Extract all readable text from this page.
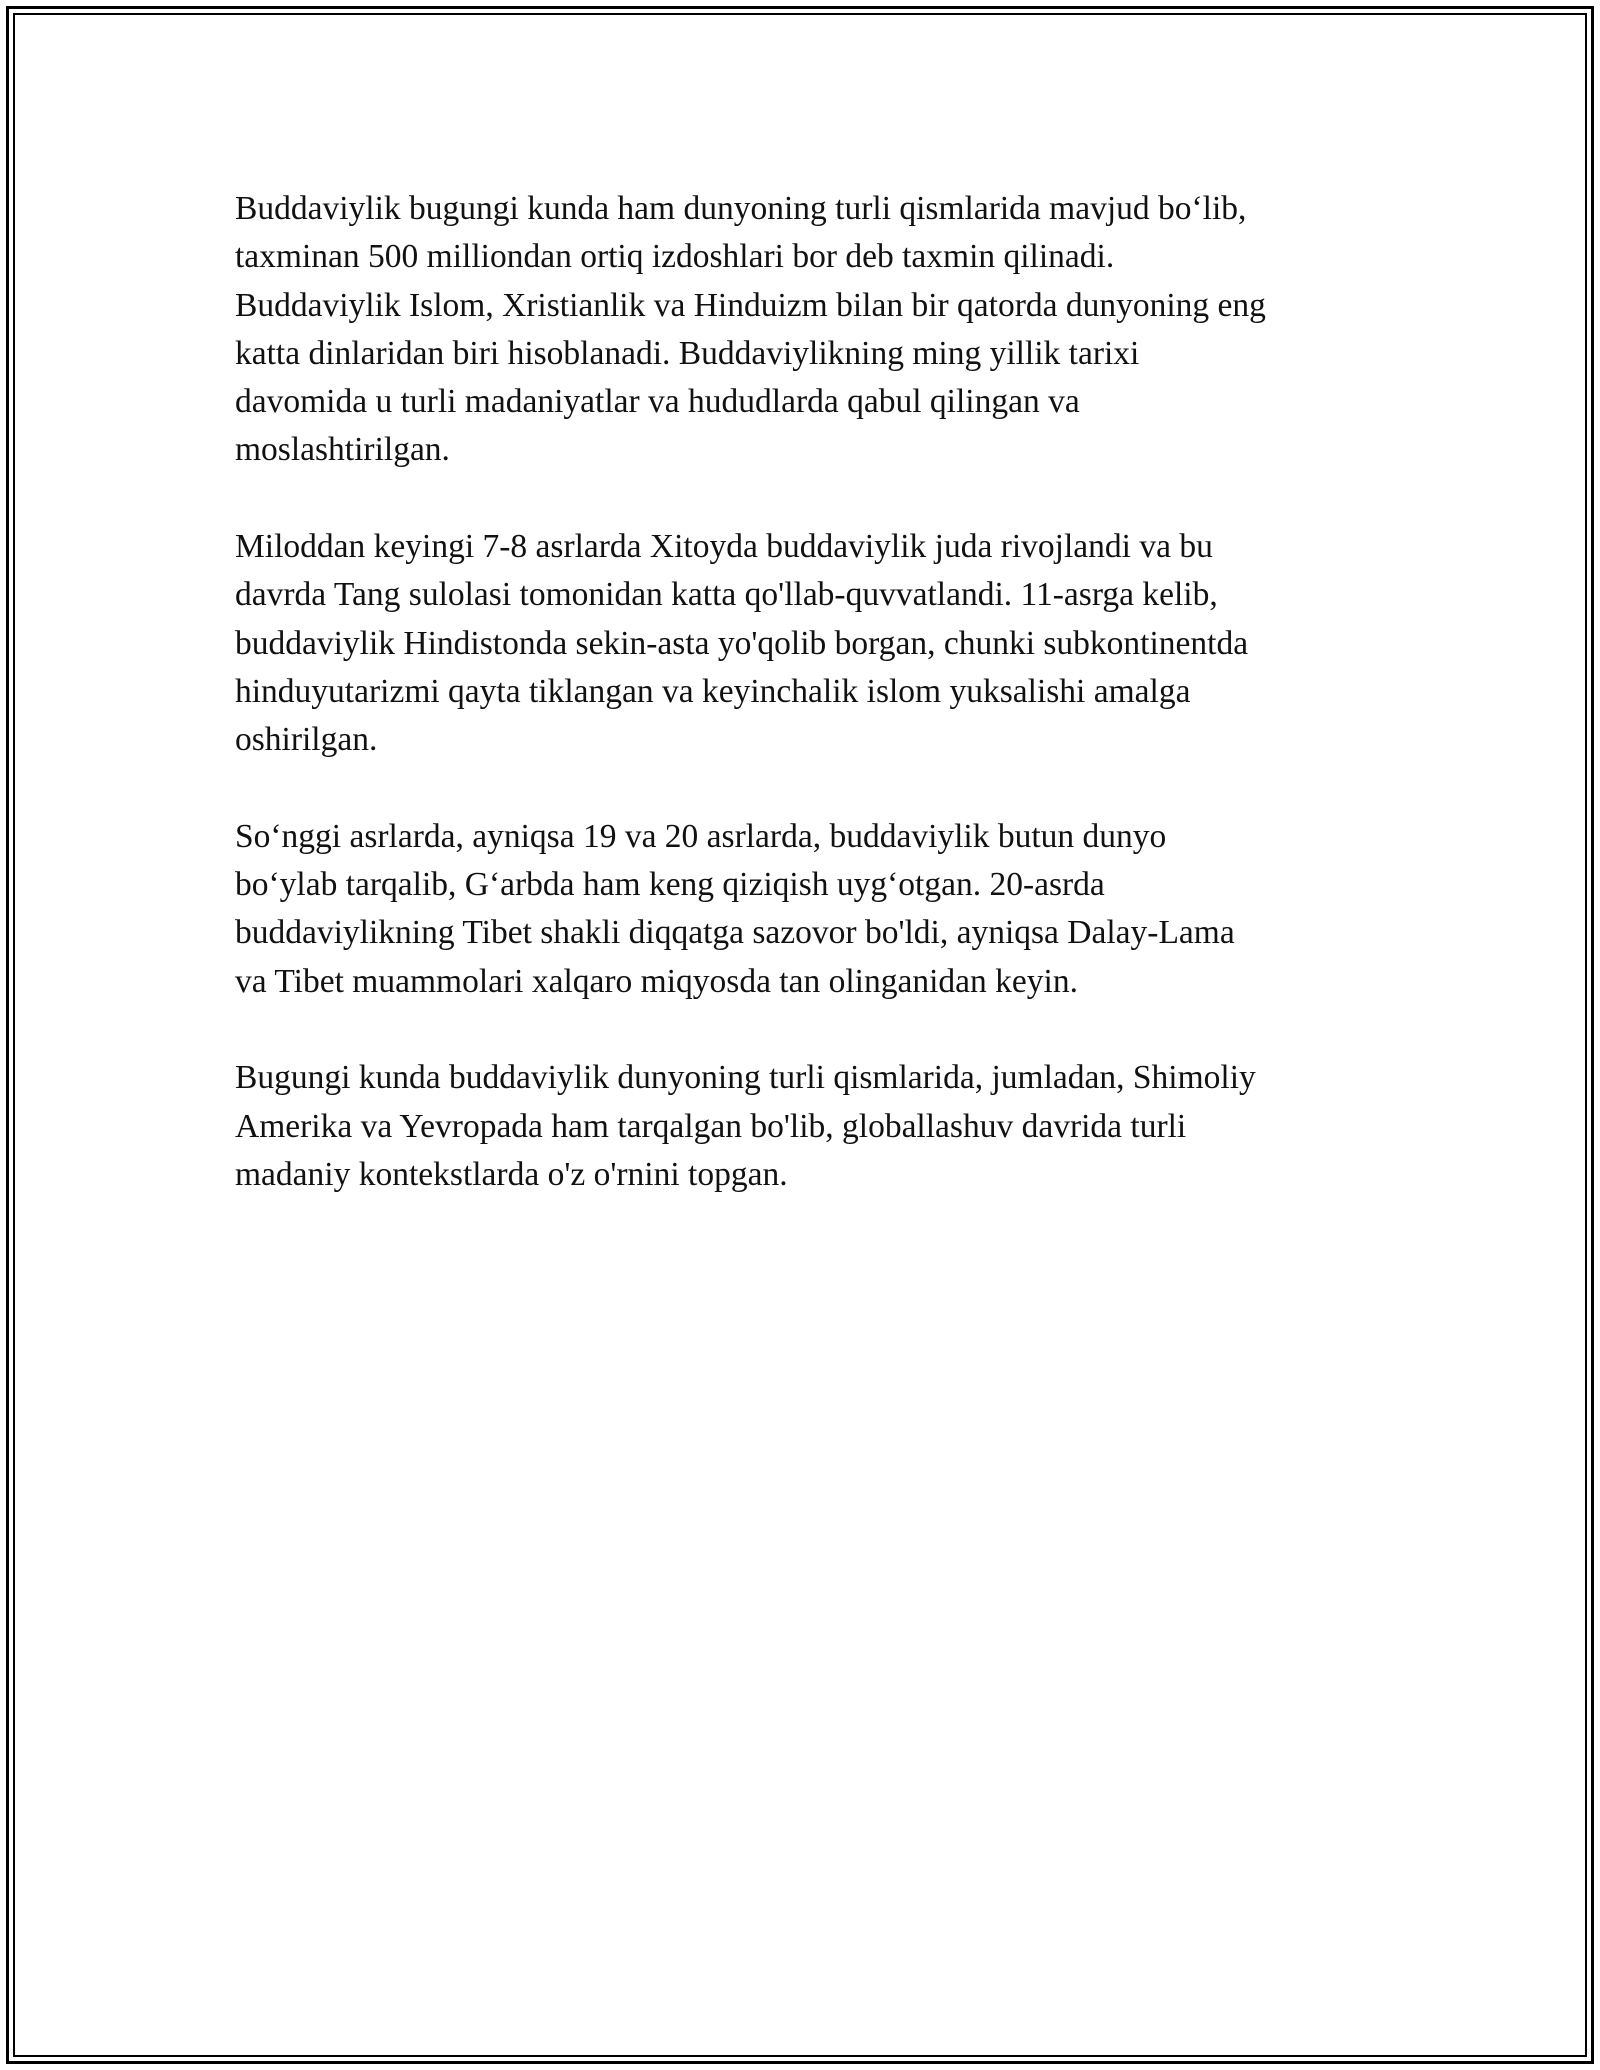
Buddaviylik bugungi kunda ham dunyoning turli qismlarida mavjud bo‘lib,
taxminan 500 milliondan ortiq izdoshlari bor deb taxmin qilinadi.
Buddaviylik Islom, Xristianlik va Hinduizm bilan bir qatorda dunyoning eng
katta dinlaridan biri hisoblanadi. Buddaviylikning ming yillik tarixi
davomida u turli madaniyatlar va hududlarda qabul qilingan va
moslashtirilgan.

Miloddan keyingi 7-8 asrlarda Xitoyda buddaviylik juda rivojlandi va bu
davrda Tang sulolasi tomonidan katta qo'llab-quvvatlandi. 11-asrga kelib,
buddaviylik Hindistonda sekin-asta yo'qolib borgan, chunki subkontinentda
hinduyutarizmi qayta tiklangan va keyinchalik islom yuksalishi amalga
oshirilgan.

So‘nggi asrlarda, ayniqsa 19 va 20 asrlarda, buddaviylik butun dunyo
bo‘ylab tarqalib, G‘arbda ham keng qiziqish uyg‘otgan. 20-asrda
buddaviylikning Tibet shakli diqqatga sazovor bo'ldi, ayniqsa Dalay-Lama
va Tibet muammolari xalqaro miqyosda tan olinganidan keyin.

Bugungi kunda buddaviylik dunyoning turli qismlarida, jumladan, Shimoliy
Amerika va Yevropada ham tarqalgan bo'lib, globallashuv davrida turli
madaniy kontekstlarda o'z o'rnini topgan.
